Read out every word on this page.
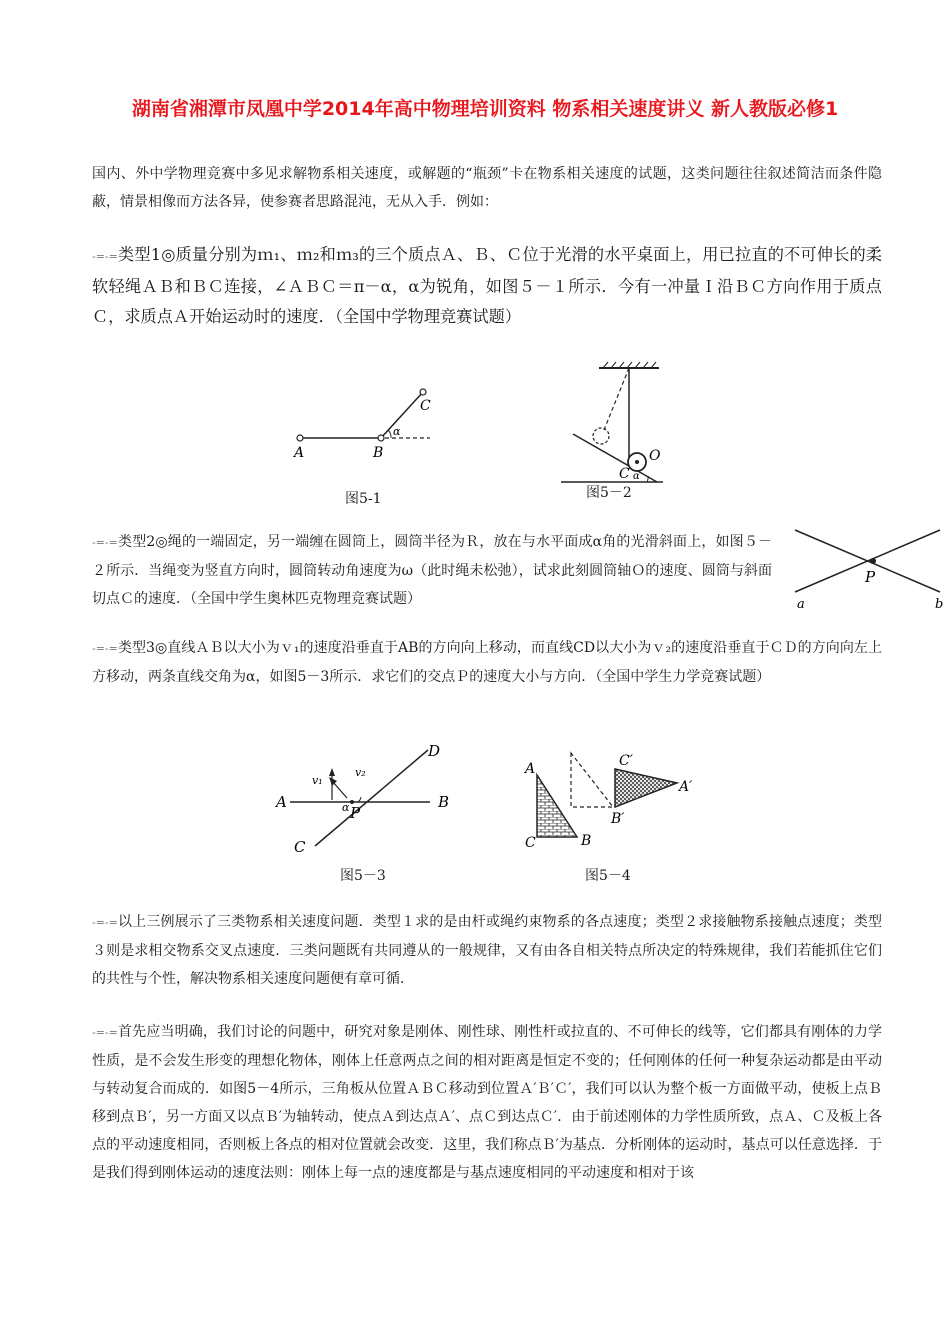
湖南省湘潭市凤凰中学2014年高中物理培训资料 物系相关速度讲义 新人教版必修1
国内、外中学物理竞赛中多见求解物系相关速度，或解题的“瓶颈”卡在物系相关速度的试题，这类问题往往叙述简洁而条件隐蔽，情景相像而方法各异，使参赛者思路混沌，无从入手．例如：
-=-=类型1◎质量分别为ｍ₁、ｍ₂和ｍ₃的三个质点Ａ、Ｂ、Ｃ位于光滑的水平桌面上，用已拉直的不可伸长的柔软轻绳ＡＢ和ＢＣ连接，∠ＡＢＣ＝π－α，α为锐角，如图５－１所示．今有一冲量Ｉ沿ＢＣ方向作用于质点Ｃ，求质点Ａ开始运动时的速度．（全国中学物理竞赛试题）
A	B
C
α
图5-1
O
C α
图5－2
P
a	b
-=-=类型2◎绳的一端固定，另一端缠在圆筒上，圆筒半径为Ｒ，放在与水平面成α角的光滑斜面上，如图５－２所示．当绳变为竖直方向时，圆筒转动角速度为ω（此时绳未松弛），试求此刻圆筒轴Ｏ的速度、圆筒与斜面切点Ｃ的速度．（全国中学生奥林匹克物理竞赛试题）
-=-=类型3◎直线ＡＢ以大小为ｖ₁的速度沿垂直于AB的方向向上移动，而直线CD以大小为ｖ₂的速度沿垂直于ＣＤ的方向向左上方移动，两条直线交角为α，如图5－3所示．求它们的交点Ｐ的速度大小与方向．（全国中学生力学竞赛试题）
A	B
C
D
P
v₁
v₂
α
图5－3
A
B
C
A′
B′
C′
图5－4
-=-=以上三例展示了三类物系相关速度问题．类型１求的是由杆或绳约束物系的各点速度；类型２求接触物系接触点速度；类型３则是求相交物系交叉点速度．三类问题既有共同遵从的一般规律，又有由各自相关特点所决定的特殊规律，我们若能抓住它们的共性与个性，解决物系相关速度问题便有章可循．
-=-=首先应当明确，我们讨论的问题中，研究对象是刚体、刚性球、刚性杆或拉直的、不可伸长的线等，它们都具有刚体的力学性质，是不会发生形变的理想化物体，刚体上任意两点之间的相对距离是恒定不变的；任何刚体的任何一种复杂运动都是由平动与转动复合而成的．如图5－4所示，三角板从位置ＡＢＣ移动到位置Ａ′Ｂ′Ｃ′，我们可以认为整个板一方面做平动，使板上点Ｂ移到点Ｂ′，另一方面又以点Ｂ′为轴转动，使点Ａ到达点Ａ′、点Ｃ到达点Ｃ′．由于前述刚体的力学性质所致，点Ａ、Ｃ及板上各点的平动速度相同，否则板上各点的相对位置就会改变．这里，我们称点Ｂ′为基点．分析刚体的运动时，基点可以任意选择．于是我们得到刚体运动的速度法则：刚体上每一点的速度都是与基点速度相同的平动速度和相对于该
